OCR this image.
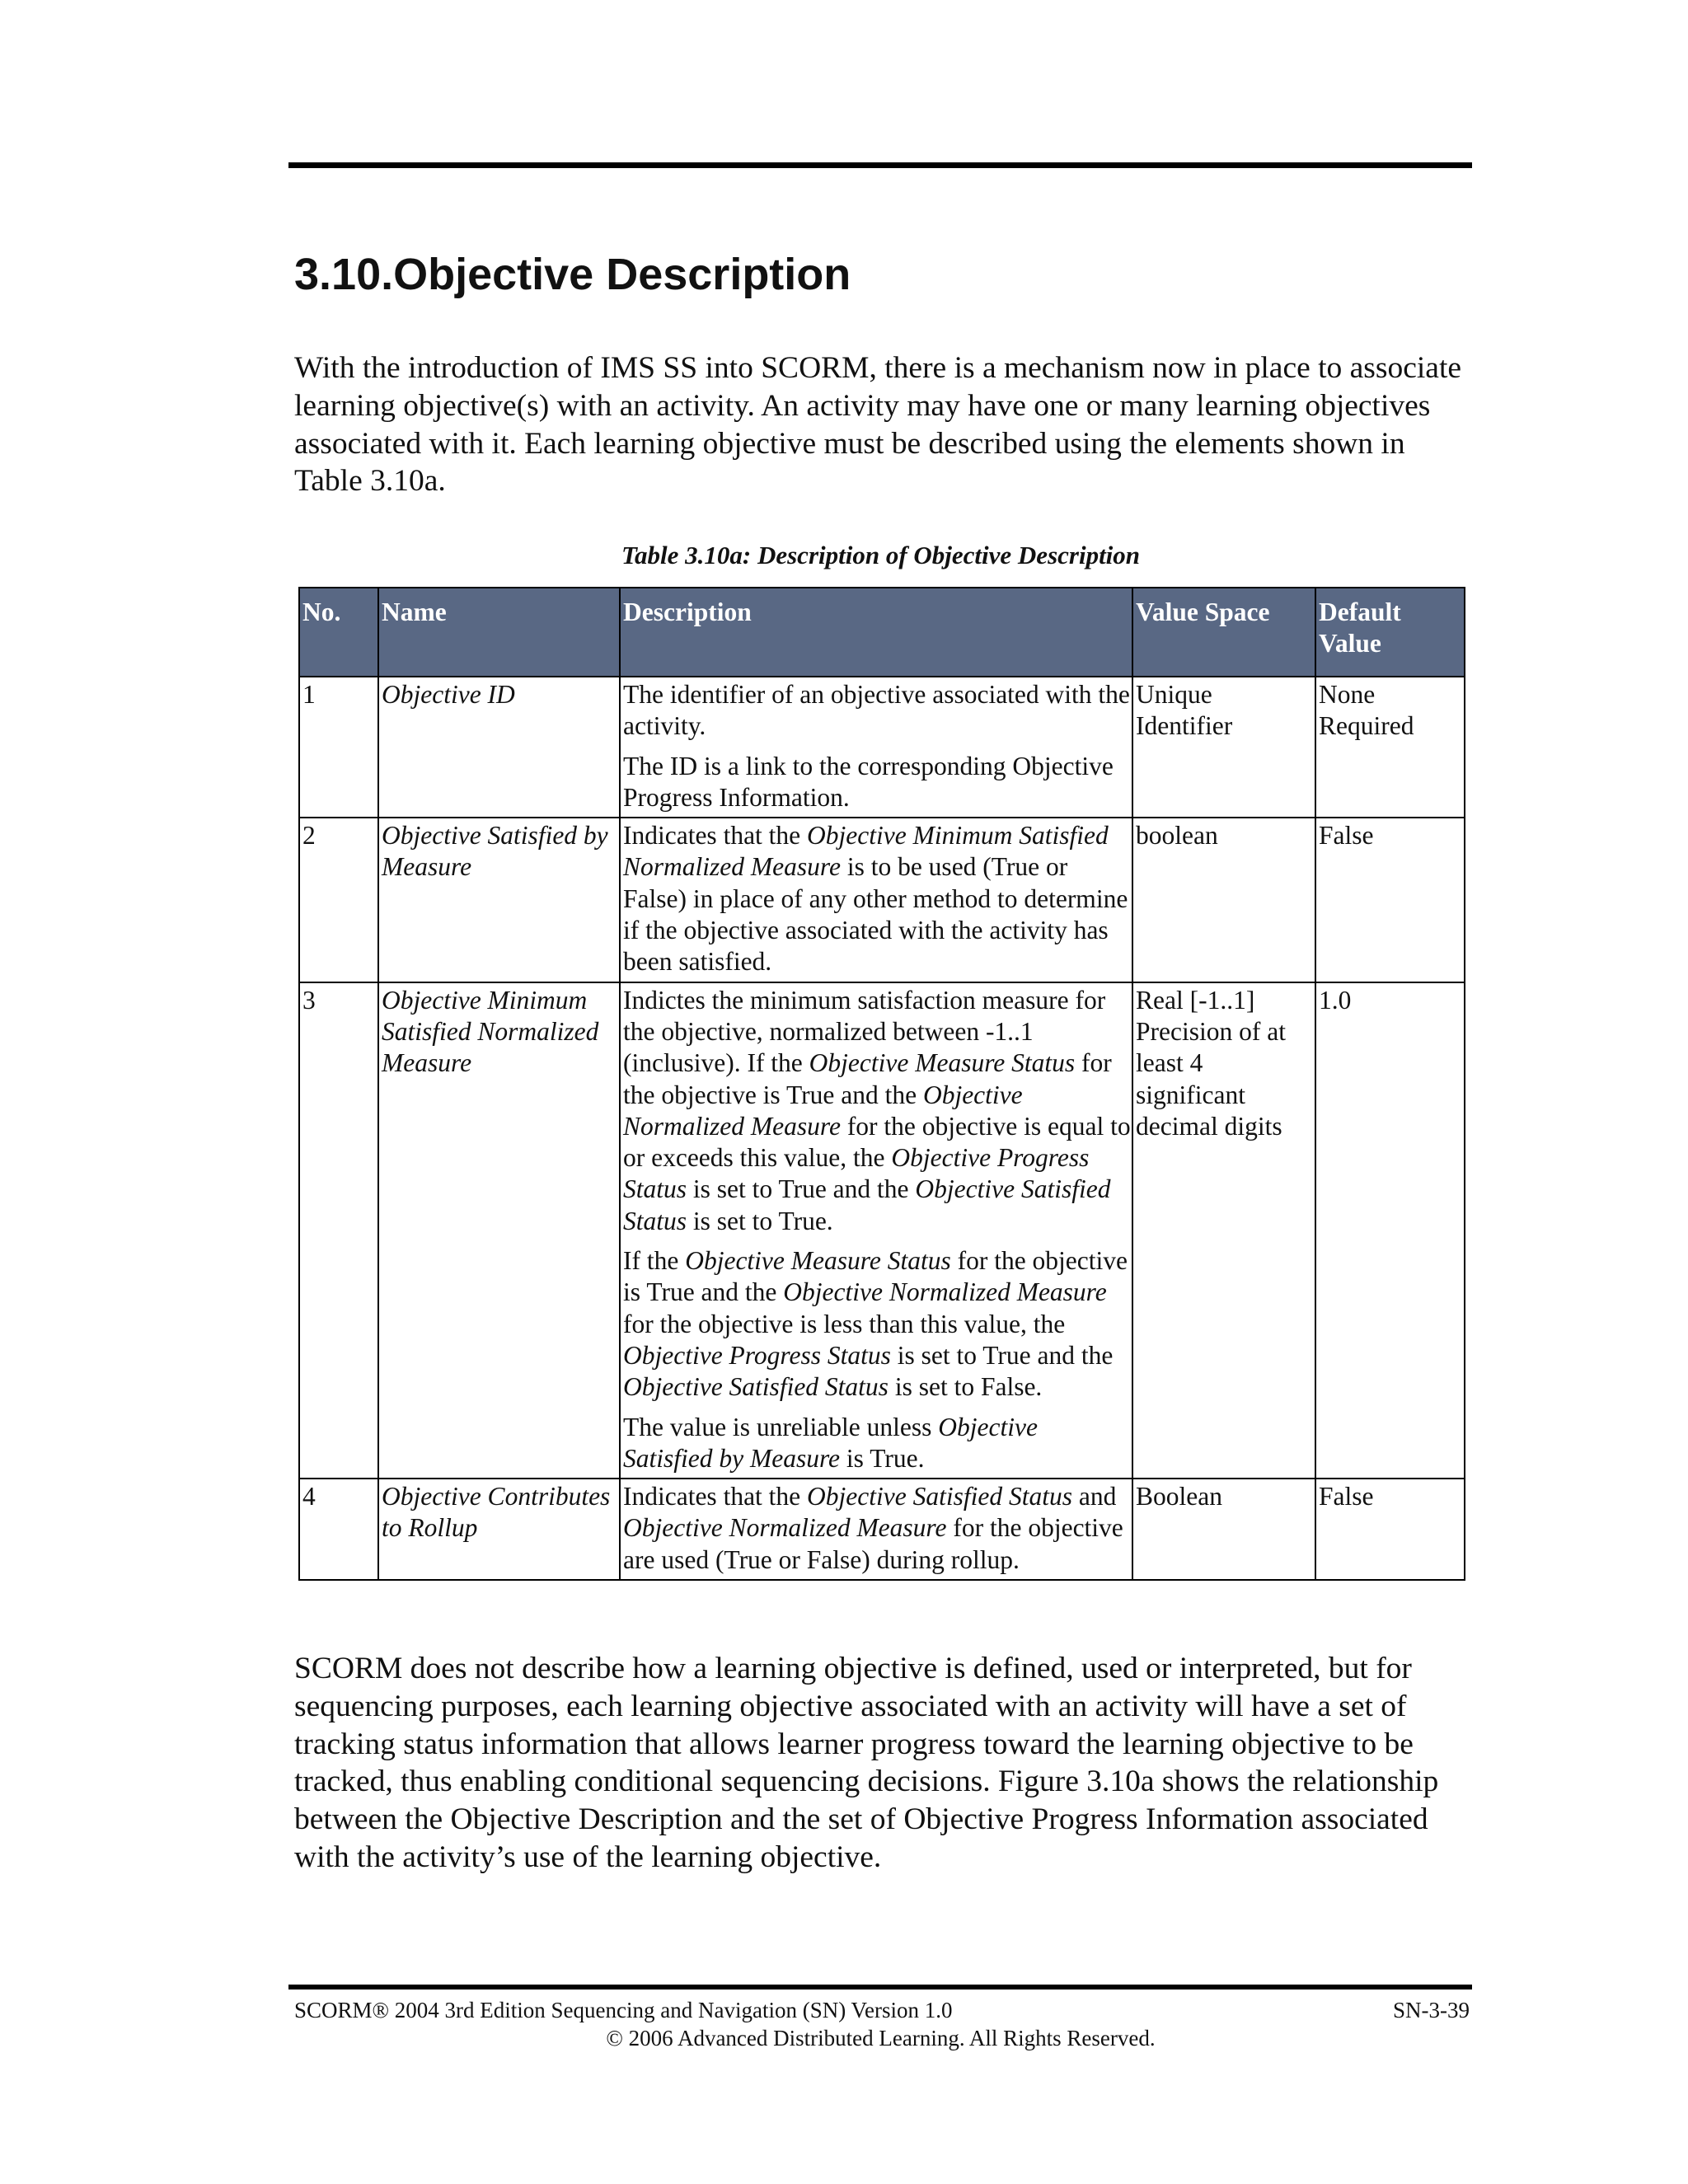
3.10.Objective Description

With the introduction of IMS SS into SCORM, there is a mechanism now in place to associate learning objective(s) with an activity. An activity may have one or many learning objectives associated with it. Each learning objective must be described using the elements shown in Table 3.10a.

Table 3.10a: Description of Objective Description

No.	Name	Description	Value Space	Default Value
1	Objective ID	The identifier of an objective associated with the activity.

The ID is a link to the corresponding Objective Progress Information.	Unique Identifier	None Required
2	Objective Satisfied by Measure	Indicates that the Objective Minimum Satisfied Normalized Measure is to be used (True or False) in place of any other method to determine if the objective associated with the activity has been satisfied.	boolean	False
3	Objective Minimum Satisfied Normalized Measure	Indictes the minimum satisfaction measure for the objective, normalized between -1..1 (inclusive). If the Objective Measure Status for the objective is True and the Objective Normalized Measure for the objective is equal to or exceeds this value, the Objective Progress Status is set to True and the Objective Satisfied Status is set to True.

If the Objective Measure Status for the objective is True and the Objective Normalized Measure for the objective is less than this value, the Objective Progress Status is set to True and the Objective Satisfied Status is set to False.

The value is unreliable unless Objective Satisfied by Measure is True.	Real [-1..1] Precision of at least 4 significant decimal digits	1.0
4	Objective Contributes to Rollup	Indicates that the Objective Satisfied Status and Objective Normalized Measure for the objective are used (True or False) during rollup.	Boolean	False

SCORM does not describe how a learning objective is defined, used or interpreted, but for sequencing purposes, each learning objective associated with an activity will have a set of tracking status information that allows learner progress toward the learning objective to be tracked, thus enabling conditional sequencing decisions. Figure 3.10a shows the relationship between the Objective Description and the set of Objective Progress Information associated with the activity’s use of the learning objective.

SCORM® 2004 3rd Edition Sequencing and Navigation (SN) Version 1.0	SN-3-39
© 2006 Advanced Distributed Learning. All Rights Reserved.
